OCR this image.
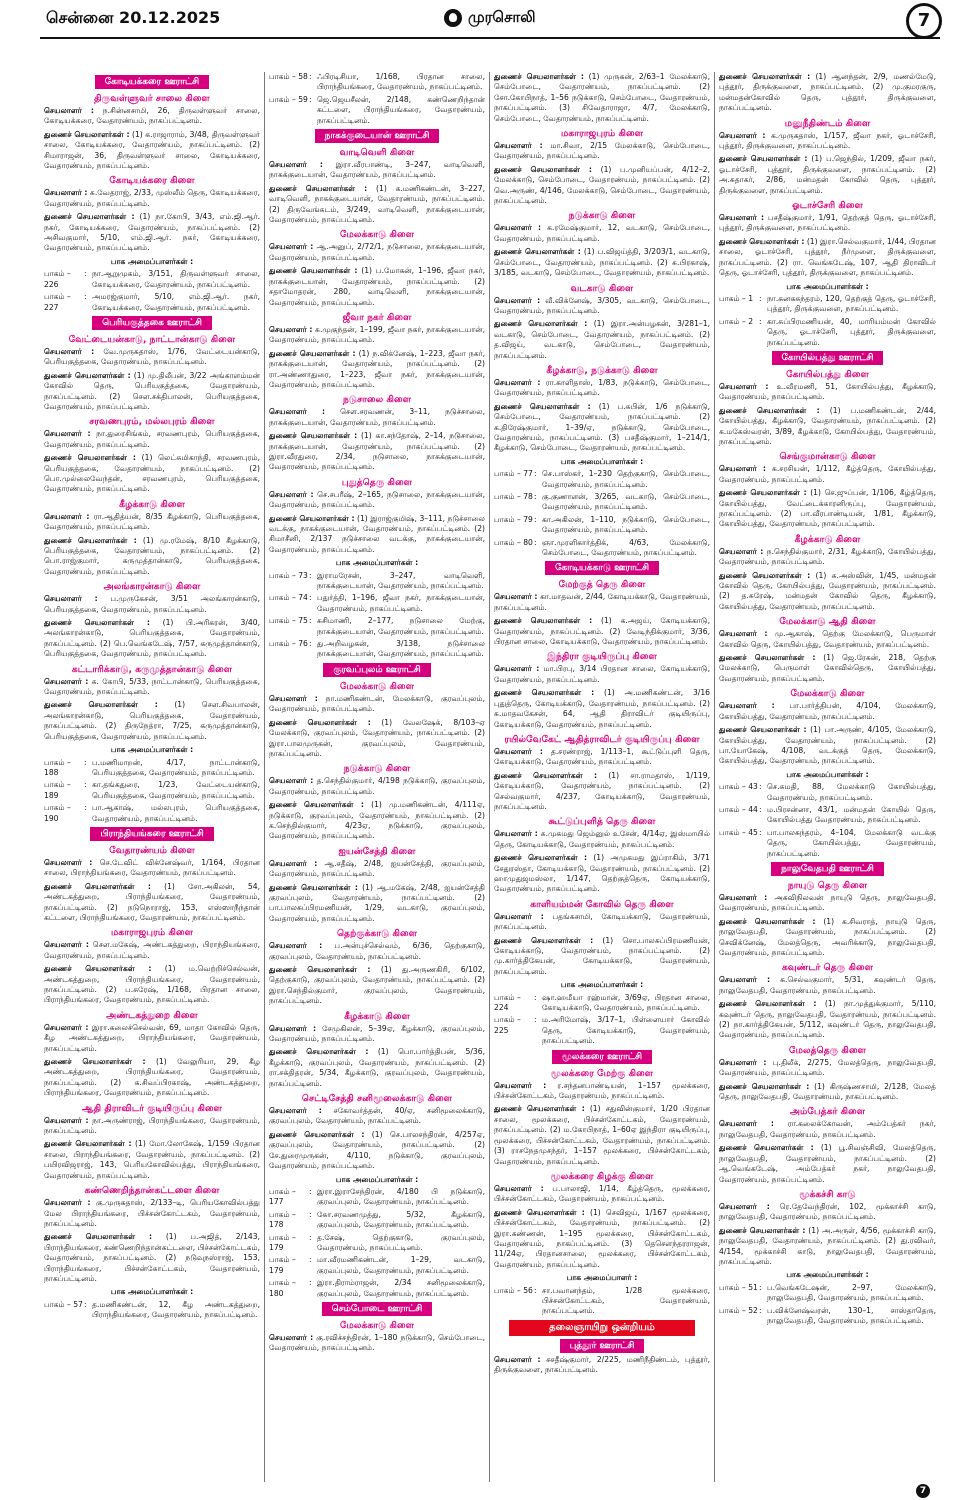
சென்னை 20.12.2025	முரசொலி	7
கோடியக்கரை ஊராட்சி
திருவள்ளுவர் சாலை கிளை
செயலாளர் : ந.சின்னசாமி, 26, திருவள்ளுவர் சாலை, கோடியக்கரை, வேதாரண்யம், நாகப்பட்டினம்.
துணைச் செயலாளர்கள் : (1) க.ராஜாராம், 3/48, திருவள்ளுவர் சாலை, கோடியக்கரை, வேதாரண்யம், நாகப்பட்டினம். (2) சிமாராஜன், 36, திருவள்ளுவர் சாலை, கோடியக்கரை, வேதாரண்யம், நாகப்பட்டினம்.
கோடியக்கரை கிளை
செயலாளர் : சு.வேதராஜ், 2/33, முஸ்லீம் தெரு, கோடியக்கரை, வேதாரண்யம், நாகப்பட்டினம்.
துணைச் செயலாளர்கள் : (1) நா.கோபி, 3/43, எம்.ஜி.ஆர். நகர், கோடியக்கரை, வேதாரண்யம், நாகப்பட்டினம். (2) அசிவகுமார், 5/10, எம்.ஜி.ஆர். நகர், கோடியக்கரை, வேதாரண்யம், நாகப்பட்டினம்.
பாக அமைப்பாளர்கள் :
பாகம் – 226
: நா.ஆறுமுகம், 3/151, திருவள்ளுவர் சாலை, கோடியக்கரை, வேதாரண்யம், நாகப்பட்டினம்.
பாகம் – 227
: அமரஜ்குமார், 5/10, எம்.ஜி.ஆர். நகர், கோடியக்கரை, வேதாரண்யம், நாகப்பட்டினம்.
பெரியகுத்தகை ஊராட்சி
வேட்டையன்காடு, நாட்டான்காடு கிளை
செயலாளர் : வே.முருகதாஸ், 1/76, வேட்டையன்காடு, பெரியகுத்தகை, வேதாரண்யம், நாகப்பட்டினம்.
துணைச் செயலாளர்கள் : (1) மு.திலீபன், 3/22 அங்காளம்மன் கோவில் தெரு, பெரியகுத்தகை, வேதாரண்யம், நாகப்பட்டினம். (2) சௌ.சக்திபாலன், பெரியகுத்தகை, வேதாரண்யம், நாகப்பட்டினம்.
சரவணபுரம், மல்லபுரம் கிளை
செயலாளர் : நா.துரைசிங்கம், சரவணபுரம், பெரியகுத்தகை, வேதாரண்யம், நாகப்பட்டினம்.
துணைச் செயலாளர்கள் : (1) லெட்சுமிகாந்தி, சரவணபுரம், பெரியகுத்தகை, வேதாரண்யம், நாகப்பட்டினம். (2) பொ.முல்லைவேந்தன், சரவணபுரம், பெரியகுத்தகை, வேதாரண்யம், நாகப்பட்டினம்.
கீழக்காடு கிளை
செயலாளர் : ரா.ஆதித்யன், 8/35 கீழக்காடு, பெரியகுத்தகை, வேதாரண்யம், நாகப்பட்டினம்.
துணைச் செயலாளர்கள் : (1) மு.ரமேஷ், 8/10 கீழக்காடு, பெரியகுத்தகை, வேதாரண்யம், நாகப்பட்டினம். (2) பொ.ராஜ்குமார், கருமுத்தான்காடு, பெரியகுத்தகை, வேதாரண்யம், நாகப்பட்டினம்.
அலங்காரன்காடு கிளை
செயலாளர் : ப.முருகேசன், 3/51 அலங்காரன்காடு, பெரியகுத்தகை, வேதாரண்யம், நாகப்பட்டினம்.
துணைச் செயலாளர்கள் : (1) பி.அரிகரன், 3/40, அலங்காரன்காடு, பெரியகுத்தகை, வேதாரண்யம், நாகப்பட்டினம். (2) பெ.வெங்கடேஷ், 7/57, கருமுத்தான்காடு, பெரியகுத்தகை, வேதாரண்யம், நாகப்பட்டினம்.
கட்டாரிக்காடு, கருமுத்தான்காடு கிளை
செயலாளர் : சு. கோபி, 5/33, நாட்டான்காடு, பெரியகுத்தகை, வேதாரண்யம், நாகப்பட்டினம்.
துணைச் செயலாளர்கள் : (1) சௌ.சிவபாலன், அலங்காரன்காடு, பெரியகுத்தகை, வேதாரண்யம், நாகப்பட்டினம். (2) திருநேத்ரா, 7/25, கருமுத்தான்காடு, பெரியகுத்தகை, வேதாரண்யம், நாகப்பட்டினம்.
பாக அமைப்பாளர்கள் :
பாகம் – 188
: ப.மணிமாறன், 4/17, நாட்டான்காடு, பெரியகுத்தகை, வேதாரண்யம், நாகப்பட்டினம்.
பாகம் – 189
: கா.தங்கதுரை, 1/23, வேட்டையன்காடு, பெரியகுத்தகை, வேதாரண்யம், நாகப்பட்டினம்.
பாகம் – 190
: பா.ஆகாஷ், மல்லபுரம், பெரியகுத்தகை, வேதாரண்யம், நாகப்பட்டினம்.
பிராந்தியங்கரை ஊராட்சி
வேதாரண்யம் கிளை
செயலாளர் : செ.டேவிட் விக்னேஷ்வர், 1/164, பிரதான சாலை, பிராந்தியங்கரை, வேதாரண்யம், நாகப்பட்டினம்.
துணைச் செயலாளர்கள் : (1) சோ.அகிலன், 54, அண்டகத்துறை, பிராந்தியங்கரை, வேதாரண்யம், நாகப்பட்டினம். (2) நடுநொராஜ், 153, எஸ்ஸாநீந்தான் கட்டளை, பிராந்தியங்கரை, வேதாரண்யம், நாகப்பட்டினம்.
மகாராஜபுரம் கிளை
செயலாளர் : சௌ.மகேஷ், அண்டகத்துறை, பிராந்தியங்கரை, வேதாரண்யம், நாகப்பட்டினம்.
துணைச் செயலாளர்கள் : (1) ம.வெற்றிச்செல்வன், அண்டகத்துறை, பிராந்தியங்கரை, வேதாரண்யம், நாகப்பட்டினம். (2) ப.சுரேஷ், 1/168, பிரதான சாலை, பிராந்தியங்கரை, வேதாரண்யம், நாகப்பட்டினம்.
அண்டகத்துறை கிளை
செயலாளர் : இரா.கலைச்செல்வன், 69, மாதா கோவில் தெரு, கீழ அண்டகத்துறை, பிராந்தியங்கரை, வேதாரண்யம், நாகப்பட்டினம்.
துணைச் செயலாளர்கள் : (1) வேலுரியா, 29, கீழ அண்டகத்துறை, பிராந்தியங்கரை, வேதாரண்யம், நாகப்பட்டினம். (2) க.சிவப்பிரகாஷ், அண்டகத்துறை, பிராந்தியங்கரை, வேதாரண்யம், நாகப்பட்டினம்.
ஆதி திராவிடர் குடியிருப்பு கிளை
செயலாளர் : நா.அருண்ராஜ், பிராந்தியங்கரை, வேதாரண்யம், நாகப்பட்டினம்.
துணைச் செயலாளர்கள் : (1) மோ.லோகேஷ், 1/159 பிரதான சாலை, பிராந்தியங்கரை, வேதாரண்யம், நாகப்பட்டினம். (2) பயிரவிஜராஜ், 143, பெரியகோவில்பத்து, பிராந்தியங்கரை, வேதாரண்யம், நாகப்பட்டினம்.
கண்ணெறிந்தான்கட்டளை கிளை
செயலாளர் : கு.முருகதாஸ், 2/133–டி, பெரியகோவில்பத்து மேல பிராந்தியங்கரை, பிச்சன்கோட்டகம், வேதாரண்யம், நாகப்பட்டினம்.
துணைச் செயலாளர்கள் : (1) ப.அஜித், 2/143, பிராந்தியங்கரை, கண்ணெறிந்தான்கட்டளை, பிச்சன்கோட்டகம், வேதாரண்யம், நாகப்பட்டினம். (2) நடுவுநஸ்ராஜ், 153, பிராந்தியங்கரை, பிச்சன்கோட்டகம், வேதாரண்யம், நாகப்பட்டினம்.
பாக அமைப்பாளர்கள் :
பாகம் – 57 : த.மணிகண்டன், 12, கீழ அண்டகத்துறை, பிராந்தியங்கரை, வேதாரண்யம், நாகப்பட்டினம்.
பாகம் – 58 : ஃபிரடிசியா, 1/168, பிரதான சாலை, பிராந்தியங்கரை, வேதாரண்யம், நாகப்பட்டினம்.
பாகம் – 59 : ஜெ.ஜெயசீலன், 2/148, கண்ணெறிந்தான் கட்டளை, பிராந்தியங்கரை, வேதாரண்யம், நாகப்பட்டினம்.
நாகக்குடையான் ஊராட்சி
வாடிவெளி கிளை
செயலாளர் : இரா.வீரபாண்டி, 3–247, வாடிவெளி, நாகக்குடையான், வேதாரண்யம், நாகப்பட்டினம்.
துணைச் செயலாளர்கள் : (1) க.மணிகண்டன், 3–227, வாடிவெளி, நாகக்குடையான், வேதாரண்யம், நாகப்பட்டினம். (2) திருவேங்கடம், 3/249, வாடிவெளி, நாகக்குடையான், வேதாரண்யம், நாகப்பட்டினம்.
மேலக்காடு கிளை
செயலாளர் : ஆ.அனுப், 2/72/1, நடுசாலை, நாகக்குடையான், வேதாரண்யம், நாகப்பட்டினம்.
துணைச் செயலாளர்கள் : (1) ப.மோகன், 1–196, ஜீவா நகர், நாகக்குடையான், வேதாரண்யம், நாகப்பட்டினம். (2) சதாமோதரன், 280, வாடிவெளி, நாகக்குடையான், வேதாரண்யம், நாகப்பட்டினம்.
ஜீவா நகர் கிளை
செயலாளர் : சு.முகுந்தன், 1–199, ஜீவா நகர், நாகக்குடையான், வேதாரண்யம், நாகப்பட்டினம்.
துணைச் செயலாளர்கள் : (1) ந.விக்னேஷ், 1–223, ஜீவா நகர், நாகக்குடையான், வேதாரண்யம், நாகப்பட்டினம். (2) ரா.அண்ணாதுரை, 1–223, ஜீவா நகர், நாகக்குடையான், வேதாரண்யம், நாகப்பட்டினம்.
நடுசாலை கிளை
செயலாளர் : சௌ.சரவணன், 3–11, நடுச்சாலை, நாகக்குடையான், வேதாரண்யம், நாகப்பட்டினம்.
துணைச் செயலாளர்கள் : (1) கா.சந்தோஷ், 2–14, நடுசாலை, நாகக்குடையான், வேதாரண்யம், நாகப்பட்டினம். (2) இரா.வீரதுரை, 2/34, நடுசாலை, நாகக்குடையான், வேதாரண்யம், நாகப்பட்டினம்.
புதுத்தெரு கிளை
செயலாளர் : செ.சபரீஷ், 2–165, நடுசாலை, நாகக்குடையான், வேதாரண்யம், நாகப்பட்டினம்.
துணைச் செயலாளர்கள் : (1) இராஜ்குமிஷ், 3–111, நடுச்சாலை வடக்கு, நாகக்குடையான், வேதாரண்யம், நாகப்பட்டினம். (2) சிமாசீனி, 2/137 நடுச்சாலை வடக்கு, நாகக்குடையான், வேதாரண்யம், நாகப்பட்டினம்.
பாக அமைப்பாளர்கள் :
பாகம் – 73 : இராமரேசன், 3–247, வாடிவெளி, நாகக்குடையான், வேதாரண்யம், நாகப்பட்டினம்.
பாகம் – 74 : பதுர்த்தி, 1–196, ஜீவா நகர், நாகக்குடையான், வேதாரண்யம், நாகப்பட்டினம்.
பாகம் – 75 : சுசிமாணி, 2–177, நடுசாலை மேற்கு, நாகக்குடையான், வேதாரண்யம், நாகப்பட்டினம்.
பாகம் – 76 : து.அறிவழகன், 3/138, நடுச்சாலை நாகக்குடையான், வேதாரண்யம், நாகப்பட்டினம்.
குரவப்புலம் ஊராட்சி
மேலக்காடு கிளை
செயலாளர் : நா.மணிகண்டன், மேலக்காடு, குரவப்புலம், வேதாரண்யம், நாகப்பட்டினம்.
துணைச் செயலாளர்கள் : (1) வேலஷேக், 8/103–ஏ மேலக்காடு, குரவப்புலம், வேதாரண்யம், நாகப்பட்டினம். (2) இரா.பாலமுருகன், குரவப்புலம், வேதாரண்யம், நாகப்பட்டினம்.
நடுக்காடு கிளை
செயலாளர் : த.செந்தில்குமார், 4/198 நடுக்காடு, குரவப்புலம், வேதாரண்யம், நாகப்பட்டினம்.
துணைச் செயலாளர்கள் : (1) மு.மணிகண்டன், 4/111ஏ, நடுக்காடு, குரவப்புலம், வேதாரண்யம், நாகப்பட்டினம். (2) க.செந்தில்குமார், 4/23ஏ, நடுக்காடு, குரவப்புலம், வேதாரண்யம், நாகப்பட்டினம்.
ஐயன்சேத்தி கிளை
செயலாளர் : ஆ.சதீஷ், 2/48, ஐயன்சேத்தி, குரவப்புலம், வேதாரண்யம், நாகப்பட்டினம்.
துணைச் செயலாளர்கள் : (1) ஆ.மகேஷ், 2/48, ஐயன்சேத்தி குரவப்புலம், வேதாரண்யம், நாகப்பட்டினம். (2) பா.பாலசுப்பிரமணியன், 1/29, வடகாடு, குரவப்புலம், வேதாரண்யம், நாகப்பட்டினம்.
தெற்குக்காடு கிளை
செயலாளர் : ப.அன்புச்செல்வம், 6/36, தெற்குகாடு, குரவப்புலம், வேதாரண்யம், நாகப்பட்டினம்.
துணைச் செயலாளர்கள் : (1) து.அருணகிரி, 6/102, தெற்குகாடு, குரவப்புலம், வேதாரண்யம், நாகப்பட்டினம். (2) இரா.செந்தில்குமார், குரவப்புலம், வேதாரண்யம், நாகப்பட்டினம்.
கீழக்காடு கிளை
செயலாளர் : சேமுகிலன், 5–39ஏ, கீழக்காடு, குரவப்புலம், வேதாரண்யம், நாகப்பட்டினம்.
துணைச் செயலாளர்கள் : (1) பொ.பார்த்திபன், 5/36, கீழக்காடு, குரவப்புலம், வேதாரண்யம், நாகப்பட்டினம். (2) ரா.சக்திதரன், 5/34, கீழக்காடு, குரவப்புலம், வேதாரண்யம், நாகப்பட்டினம்.
செட்டிசேத்தி சனிமூலைக்காடு கிளை
செயலாளர் : சகோவர்த்தன், 40/ஏ, சனிமூலைக்காடு, குரவப்புலம், வேதாரண்யம், நாகப்பட்டினம்.
துணைச் செயலாளர்கள் : (1) செ.பாலசந்திரன், 4/257ஏ, குரவப்புலம், வேதாரண்யம், நாகப்பட்டினம். (2) சே.துரைமுருகன், 4/110, நடுக்காடு, குரவப்புலம், வேதாரண்யம், நாகப்பட்டினம்.
பாக அமைப்பாளர்கள் :
பாகம் – 177
: இரா.இராசேந்திரன், 4/180 பி நடுக்காடு, குரவப்புலம், வேதாரண்யம், நாகப்பட்டினம்.
பாகம் – 178
: கோ.சரவணமுத்து, 5/32, கீழக்காடு, குரவப்புலம், வேதாரண்யம், நாகப்பட்டினம்.
பாகம் – 179
: த.சேஷ், தெற்குகாடு, குரவப்புலம், வேதாரண்யம், நாகப்பட்டினம்.
பாகம் – 179
: மா.வீரமணிகண்டன், 1–29, வடகாடு, குரவப்புலம், வேதாரண்யம், நாகப்பட்டினம்.
பாகம் – 180
: இரா.திராம்ராஜன், 2/34 சனிமூலைக்காடு, குரவப்புலம், வேதாரண்யம், நாகப்பட்டினம்.
செம்போடை ஊராட்சி
மேலக்காடு கிளை
செயலாளர் : கு.ரவிச்சந்திரன், 1–180 நடுக்காடு, செம்போடை, வேதாரண்யம், நாகப்பட்டினம்.
துணைச் செயலாளர்கள் : (1) முருகன், 2/63–1 மேலக்காடு, செம்போடை, வேதாரண்யம், நாகப்பட்டினம். (2) சோ.கோபிநாத், 1–56 நடுக்காடு, செம்போடை, வேதாரண்யம், நாகப்பட்டினம். (3) சிவேதாராஜா, 4/7, மேலக்காடு, செம்போடை, வேதாரண்யம், நாகப்பட்டினம்.
மகாராஜபுரம் கிளை
செயலாளர் : மா.சிவா, 2/15 மேலக்காடு, செம்போடை, வேதாரண்யம், நாகப்பட்டினம்.
துணைச் செயலாளர்கள் : (1) ப.முனியப்பன், 4/12–2, மேலக்காடு, செம்போடை, வேதாரண்யம், நாகப்பட்டினம். (2) வெ.அருண், 4/146, மேலக்காடு, செம்போடை, வேதாரண்யம், நாகப்பட்டினம்.
நடுக்காடு கிளை
செயலாளர் : க.ரமேஷ்குமார், 12, வடகாடு, செம்போடை, வேதாரண்யம், நாகப்பட்டினம்.
துணைச் செயலாளர்கள் : (1) ப.விஜய்த்தி, 3/203/1, வடகாடு, செம்போடை, வேதாரண்யம், நாகப்பட்டினம். (2) சு.பிரகாஷ், 3/185, வடகாடு, செம்போடை, வேதாரண்யம், நாகப்பட்டினம்.
வடகாடு கிளை
செயலாளர் : வீ.விக்னேஷ், 3/305, வடகாடு, செம்போடை, வேதாரண்யம், நாகப்பட்டினம்.
துணைச் செயலாளர்கள் : (1) இரா.அன்பழகன், 3/281–1, வடகாடு, செம்போடை, வேதாரண்யம், நாகப்பட்டினம். (2) த.விஜய், வடகாடு, செம்போடை, வேதாரண்யம், நாகப்பட்டினம்.
கீழக்காடு, நடுக்காடு கிளை
செயலாளர் : ரா.காளிதாஸ், 1/83, நடுக்காடு, செம்போடை, வேதாரண்யம், நாகப்பட்டினம்.
துணைச் செயலாளர்கள் : (1) ப.சுபின், 1/6 நடுக்காடு, செம்போடை, வேதாரண்யம், நாகப்பட்டினம். (2) க.திரேஷ்குமார், 1–39/ஏ, நடுக்காடு, செம்போடை, வேதாரண்யம், நாகப்பட்டினம். (3) பசதீஷ்குமார், 1–214/1, கீழக்காடு, செம்போடை, வேதாரண்யம், நாகப்பட்டினம்.
பாக அமைப்பாளர்கள் :
பாகம் – 77 : செ.பாஸ்கர், 1–230 தெற்குகாடு, செம்போடை, வேதாரண்யம், நாகப்பட்டினம்.
பாகம் – 78 : கு.குணாளன், 3/265, வடகாடு, செம்போடை, வேதாரண்யம், நாகப்பட்டினம்.
பாகம் – 79 : கா.அகிலன், 1–110, நடுக்காடு, செம்போடை, வேதாரண்யம், நாகப்பட்டினம்.
பாகம் – 80 : ஞா.முரளிகார்த்திக், 4/63, மேலக்காடு, செம்போடை, வேதாரண்யம், நாகப்பட்டினம்.
கோடியக்காடு ஊராட்சி
மேற்குத் தெரு கிளை
செயலாளர் : கா.மாதவன், 2/44, கோடியக்காடு, வேதாரண்யம், நாகப்பட்டினம்.
துணைச் செயலாளர்கள் : (1) க.அஜய், கோடியக்காடு, வேதாரண்யம், நாகப்பட்டினம். (2) வேடிந்திக்குமார், 3/36, பிரதான சாலை, கோடியக்காடு, வேதாரண்யம், நாகப்பட்டினம்.
இந்திரா குடியிருப்பு கிளை
செயலாளர் : மா.பிரபு, 3/14 பிரதான சாலை, கோடியக்காடு, வேதாரண்யம், நாகப்பட்டினம்.
துணைச் செயலாளர்கள் : (1) அ.மணிகண்டன், 3/16 புதுத்தெரு, கோடியக்காடு, வேதாரண்யம், நாகப்பட்டினம். (2) சு.மாதவகேசன், 64, ஆதி திராவிடர் குடியிருப்பு, கோடியக்காடு, வேதாரண்யம், நாகப்பட்டினம்.
ரயில்வேகேட் ஆதித்ராவிடர் குடியிருப்பு கிளை
செயலாளர் : த.சரண்ராஜ், 1/113–1, கூட்டுப்புளி தெரு, கோடியக்காடு, வேதாரண்யம், நாகப்பட்டினம்.
துணைச் செயலாளர்கள் : (1) சா.ராமதாஸ், 1/119, கோடியக்காடு, வேதாரண்யம், நாகப்பட்டினம். (2) செல்வகுமார், 4/237, கோடியக்காடு, வேதாரண்யம், நாகப்பட்டினம்.
கூட்டுப்புளித் தெரு கிளை
செயலாளர் : சு.முகமது ஜெம்னுல் உசேன், 4/14ஏ, இஸ்மாயில் தெரு, கோடியக்காடு, வேதாரண்யம், நாகப்பட்டினம்.
துணைச் செயலாளர்கள் : (1) அமுகமது இப்ராகிம், 3/71 சேதுரஸ்தா, கோடியக்காடு, வேதாரண்யம், நாகப்பட்டினம். (2) ஹாமுதுஜமஸ்லா, 1/147, தெற்குத்தெரு, கோடியக்காடு, வேதாரண்யம், நாகப்பட்டினம்.
காளியம்மன் கோவில் தெரு கிளை
செயலாளர் : பதங்கசாமி, கோடியக்காடு, வேதாரண்யம், நாகப்பட்டினம்.
துணைச் செயலாளர்கள் : (1) சொ.பாலசுப்பிரமணியன், கோடியக்காடு, வேதாரண்யம், நாகப்பட்டினம். (2) மு.கார்த்திகேயன், கோடியக்காடு, வேதாரண்யம், நாகப்பட்டினம்.
பாக அமைப்பாளர்கள் :
பாகம் – 224
: ஷா.ஹமீயா ரஹ்மான், 3/69ஏ, பிரதான சாலை, கோடியக்காடு, வேதாரண்யம், நாகப்பட்டினம்.
பாகம் – 225
: ம.அரிமோஷ், 3/17–1, பிள்ளையார் கோவில் தெரு, கோடியக்காடு, வேதாரண்யம், நாகப்பட்டினம்.
மூலக்கரை ஊராட்சி
மூலக்கரை மேற்கு கிளை
செயலாளர் : ர.சந்தனபாண்டியன், 1–157 மூலக்கரை, பிச்சன்கோட்டகம், வேதாரண்யம், நாகப்பட்டினம்.
துணைச் செயலாளர்கள் : (1) சதுவின்குமார், 1/20 பிரதான சாலை, மூலக்கரை, பிச்சன்கோட்டகம், வேதாரண்யம், நாகப்பட்டினம். (2) ம.கோபிநாத், 1–60ஏ இந்திரா குடியிருப்பு, மூலக்கரை, பிச்சன்கோட்டகம், வேதாரண்யம், நாகப்பட்டினம். (3) ராசநேதமுசந்தர், 1–157 மூலக்கரை, பிச்சன்கோட்டகம், வேதாரண்யம், நாகப்பட்டினம்.
மூலக்கரை கிழக்கு கிளை
செயலாளர் : ப.பாலாஜி, 1/14, கீழ்த்தெரு, மூலக்கரை, பிச்சன்கோட்டகம், வேதாரண்யம், நாகப்பட்டினம்.
துணைச் செயலாளர்கள் : (1) செவிஜய், 1/167 மூலக்கரை, பிச்சன்கோட்டகம், வேதாரண்யம், நாகப்பட்டினம். (2) இரா.கண்ணன், 1–195 மூலக்கரை, பிச்சன்கோட்டகம், வேதாரண்யம், நாகப்பட்டினம். (3) தெசெளந்தரராஜன், 11/24ஏ, பிரதானசாலை, மூலக்கரை, பிச்சன்கோட்டகம், வேதாரண்யம், நாகப்பட்டினம்.
பாக அமைப்பாளர் :
பாகம் – 56 : சா.பவானந்தம், 1/28 மூலக்கரை, பிச்சன்கோட்டகம், வேதாரண்யம், நாகப்பட்டினம்.
தலைஞாயிறு ஒன்றியம்
புத்தூர் ஊராட்சி
செயலாளர் : சசதீஷ்குமார், 2/225, மணிநீதிண்டம், புத்தூர், திருக்குவளை, நாகப்பட்டினம்.
துணைச் செயலாளர்கள் : (1) ஆனந்தன், 2/9, மணல்மேடு, புத்தூர், திருக்குவளை, நாகப்பட்டினம். (2) மு.குமரகுரு, மன்மதன்கோவில் தெரு, புத்தூர், திருக்குவளை, நாகப்பட்டினம்.
மனுநீதிண்டம் கிளை
செயலாளர் : க.முருகதாஸ், 1/157, ஜீவா நகர், ஓடாச்சேரி, புத்தூர், திருக்குவளை, நாகப்பட்டினம்.
துணைச் செயலாளர்கள் : (1) ப.ஜெந்தில், 1/209, ஜீவா நகர், ஓடாச்சேரி, புத்தூர், திருக்குவளை, நாகப்பட்டினம். (2) அ.சுதாகர், 2/86, மன்மதன் கோவில் தெரு, புத்தூர், திருக்குவளை, நாகப்பட்டினம்.
ஓடாச்சேரி கிளை
செயலாளர் : பசதீஷ்குமார், 1/91, தெற்குத் தெரு, ஓடாச்சேரி, புத்தூர், திருக்குவளை, நாகப்பட்டினம்.
துணைச் செயலாளர்கள் : (1) இரா.செல்வகுமார், 1/44, பிரதான சாலை, ஓடாச்சேரி, புத்தூர், நீர்முளை, திருக்குவளை, நாகப்பட்டினம். (2) ரா. வெங்கடேஷ், 107, ஆதி திராவிடர் தெரு, ஓடாச்சேரி, புத்தூர், திருக்குவளை, நாகப்பட்டினம்.
பாக அமைப்பாளர்கள் :
பாகம் – 1 : நா.கனகசுந்தரம், 120, தெற்குத் தெரு, ஓடாச்சேரி, புத்தூர், திருக்குவளை, நாகப்பட்டினம்.
பாகம் – 2 : கா.சுப்பிரமணியன், 40, மாரியம்மன் கோவில் தெரு, ஓடாச்சேரி, புத்தூர், திருக்குவளை, நாகப்பட்டினம்.
கோயில்பத்து ஊராட்சி
கோயில்பத்து கிளை
செயலாளர் : உ.வீரமணி, 51, கோயில்பத்து, கீழக்காடு, வேதாரண்யம், நாகப்பட்டினம்.
துணைச் செயலாளர்கள் : (1) ப.மணிகண்டன், 2/44, கோயில்பத்து, கீழக்காடு, வேதாரண்யம், நாகப்பட்டினம். (2) க.மகேஸ்வரன், 3/89, கீழக்காடு, கோயில்பத்து, வேதாரண்யம், நாகப்பட்டினம்.
செங்குமான்காடு கிளை
செயலாளர் : க.சரசியன், 1/112, கீழ்த்தெரு, கோயில்பத்து, வேதாரண்யம், நாகப்பட்டினம்.
துணைச் செயலாளர்கள் : (1) செ.ஜுப்பன், 1/106, கீழ்த்தெரு, கோயில்பத்து, வேட்டைக்காரனிருப்பு, வேதாரண்யம், நாகப்பட்டினம். (2) பா.வீரபாண்டியன், 1/81, கீழக்காடு, கோயில்பத்து, வேதாரண்யம், நாகப்பட்டினம்.
கீழக்காடு கிளை
செயலாளர் : ந.செந்தில்குமார், 2/31, கீழக்காடு, கோயில்பத்து, வேதாரண்யம், நாகப்பட்டினம்.
துணைச் செயலாளர்கள் : (1) சு.அஸ்வின், 1/45, மன்மதன் கோவில் தெரு, கோயில்பத்து, வேதாரண்யம், நாகப்பட்டினம். (2) த.சுரேஷ், மன்மதன் கோவில் தெரு, கீழக்காடு, கோயில்பத்து, வேதாரண்யம், நாகப்பட்டினம்.
மேலக்காடு ஆதி கிளை
செயலாளர் : மு.ஆகாஷ், தெற்கு மேலக்காடு, பெருமாள் கோவில் தெரு, கோயில்பத்து, வேதாரண்யம், நாகப்பட்டினம்.
துணைச் செயலாளர்கள் : (1) ஜெ.ரேகன், 218, தெற்கு மேலக்காடு, பெருமாள் கோவில்தெரு, கோயில்பத்து, வேதாரண்யம், நாகப்பட்டினம்.
மேலக்காடு கிளை
செயலாளர் : பா.பார்த்திபன், 4/104, மேலக்காடு, கோயில்பத்து, வேதாரண்யம், நாகப்பட்டினம்.
துணைச் செயலாளர்கள் : (1) பா.அருண், 4/105, மேலக்காடு, கோயில்பத்து, வேதாரண்யம், நாகப்பட்டினம். (2) பா.யோகேஷ், 4/108, வடக்குத் தெரு, மேலக்காடு, கோயில்பத்து, வேதாரண்யம், நாகப்பட்டினம்.
பாக அமைப்பாளர்கள் :
பாகம் – 43 : செ.சுமதி, 88, மேலக்காடு கோயில்பத்து, வேதாரண்யம், நாகப்பட்டினம்.
பாகம் – 44 : ம.பிரசன்னா, 43/1, மன்மதன் கோயில் தெரு, கோயில்பத்து வேதாரண்யம், நாகப்பட்டினம்.
பாகம் – 45 : பா.பாலசுந்தரம், 4–104, மேலக்காடு வடக்கு தெரு, கோயில்பத்து, வேதாரண்யம், நாகப்பட்டினம்.
நாலுவேதபதி ஊராட்சி
நாயுடு தெரு கிளை
செயலாளர் : அகவிநிலவன் நாயுடு தெரு, நாலுவேதபதி, வேதாரண்யம், நாகப்பட்டினம்.
துணைச் செயலாளர்கள் : (1) க.சிவராத், நாயுடு தெரு, நாலுவேதபதி, வேதாரண்யம், நாகப்பட்டினம். (2) செவிக்னேஷ், மேலத்தெரு, அவரிக்காடு, நாலுவேதபதி, வேதாரண்யம், நாகப்பட்டினம்.
கவுண்டர் தெரு கிளை
செயலாளர் : க.செல்வகுமார், 5/31, கவுண்டர் தெரு, நாலுவேதபதி, வேதாரண்யம், நாகப்பட்டினம்.
துணைச் செயலாளர்கள் : (1) நா.முத்துக்குமார், 5/110, கவுண்டர் தெரு, நாலுவேதபதி, வேதாரண்யம், நாகப்பட்டினம். (2) நா.கார்த்திகேயன், 5/112, கவுண்டர் தெரு, நாலுவேதபதி, வேதாரண்யம், நாகப்பட்டினம்.
மேலத்தெரு கிளை
செயலாளர் : பு.திலீக், 2/275, மேலத்தெரு, நாலுவேதபதி, வேதாரண்யம், நாகப்பட்டினம்.
துணைச் செயலாளர்கள் : (1) கிருஷ்ணசாமி, 2/128, மேலத் தெரு, நாலுவேதபதி, வேதாரண்யம், நாகப்பட்டினம்.
அம்பேத்கர் கிளை
செயலாளர் : ரா.கலைக்கோவன், அம்பேத்கர் நகர், நாலுவேதபதி, வேதாரண்யம், நாகப்பட்டினம்.
துணைச் செயலாளர்கள் : (1) பூ.சிவஞ்சிவி, மேலத்தெரு, நாலுவேதபதி, வேதாரண்யம், நாகப்பட்டினம். (2) ஆ.வெங்கடேஷ், அம்பேத்கர் நகர், நாலுவேதபதி, வேதாரண்யம், நாகப்பட்டினம்.
மூக்கச்சி காடு
செயலாளர் : ரெ.தேவேந்திரன், 102, மூக்காச்சி காடு, நாலுவேதபதி, வேதாரண்யம், நாகப்பட்டினம்.
துணைச் செயலாளர்கள் : (1) அ.அருள், 4/56, மூக்காச்சி காடு, நாலுவேதபதி, வேதாரண்யம், நாகப்பட்டினம். (2) து.ரவிவர், 4/154, மூக்காச்சி காடு, நாலுவேதபதி, வேதாரண்யம், நாகப்பட்டினம்.
பாக அமைப்பாளர்கள் :
பாகம் – 51 : ப.வெங்கடேஷன், 2–97, மேலக்காடு, நாலுவேதபதி, வேதாரண்யம், நாகப்பட்டினம்.
பாகம் – 52 : ப.விக்னேஷ்வரன், 130–1, சாஸ்தாதெரு, நாலுவேதபதி, வேதாரண்யம், நாகப்பட்டினம்.
7
